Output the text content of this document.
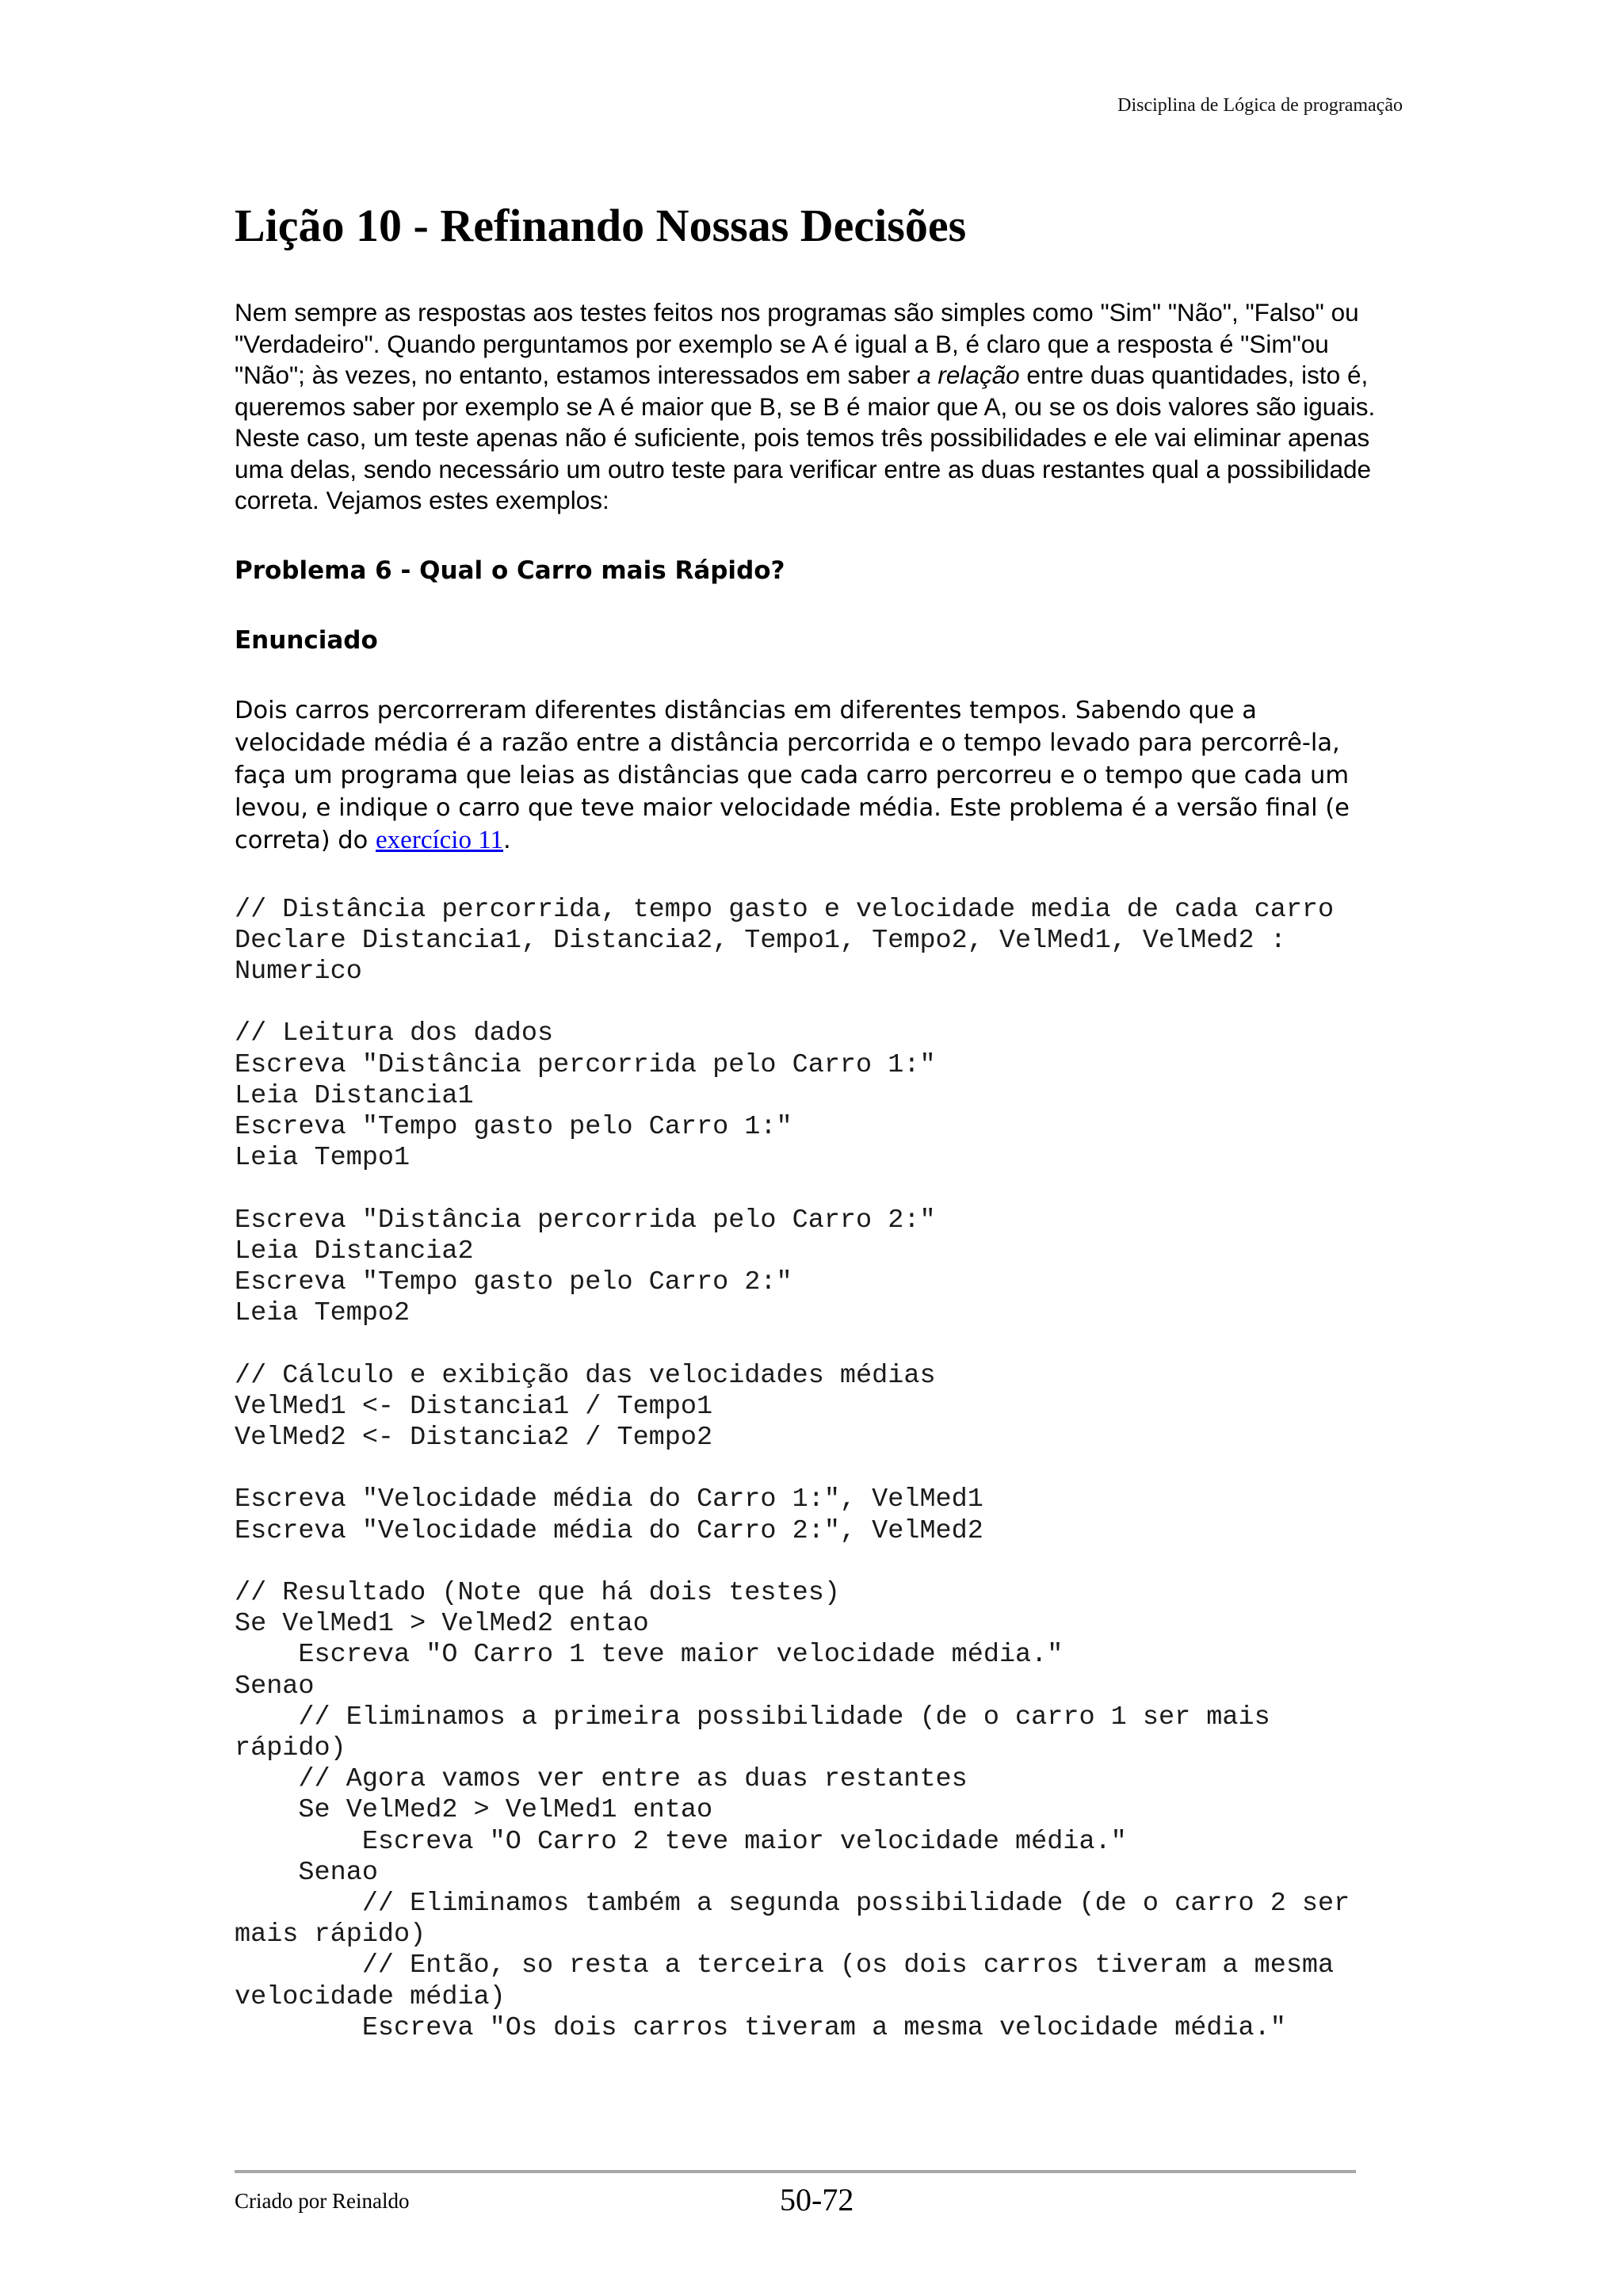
Disciplina de Lógica de programação
Lição 10 - Refinando Nossas Decisões

Nem sempre as respostas aos testes feitos nos programas são simples como "Sim" "Não", "Falso" ou "Verdadeiro". Quando perguntamos por exemplo se A é igual a B, é claro que a resposta é "Sim"ou "Não"; às vezes, no entanto, estamos interessados em saber a relação entre duas quantidades, isto é, queremos saber por exemplo se A é maior que B, se B é maior que A, ou se os dois valores são iguais. Neste caso, um teste apenas não é suficiente, pois temos três possibilidades e ele vai eliminar apenas uma delas, sendo necessário um outro teste para verificar entre as duas restantes qual a possibilidade correta. Vejamos estes exemplos:

Problema 6 - Qual o Carro mais Rápido?
Enunciado

Dois carros percorreram diferentes distâncias em diferentes tempos. Sabendo que a velocidade média é a razão entre a distância percorrida e o tempo levado para percorrê-la, faça um programa que leias as distâncias que cada carro percorreu e o tempo que cada um levou, e indique o carro que teve maior velocidade média. Este problema é a versão final (e correta) do exercício 11.

// Distância percorrida, tempo gasto e velocidade media de cada carro
Declare Distancia1, Distancia2, Tempo1, Tempo2, VelMed1, VelMed2 :
Numerico

// Leitura dos dados
Escreva "Distância percorrida pelo Carro 1:"
Leia Distancia1
Escreva "Tempo gasto pelo Carro 1:"
Leia Tempo1

Escreva "Distância percorrida pelo Carro 2:"
Leia Distancia2
Escreva "Tempo gasto pelo Carro 2:"
Leia Tempo2

// Cálculo e exibição das velocidades médias
VelMed1 <- Distancia1 / Tempo1
VelMed2 <- Distancia2 / Tempo2

Escreva "Velocidade média do Carro 1:", VelMed1
Escreva "Velocidade média do Carro 2:", VelMed2

// Resultado (Note que há dois testes)
Se VelMed1 > VelMed2 entao
Escreva "O Carro 1 teve maior velocidade média."
Senao
// Eliminamos a primeira possibilidade (de o carro 1 ser mais
rápido)
// Agora vamos ver entre as duas restantes
Se VelMed2 > VelMed1 entao
Escreva "O Carro 2 teve maior velocidade média."
Senao
// Eliminamos também a segunda possibilidade (de o carro 2 ser
mais rápido)
// Então, so resta a terceira (os dois carros tiveram a mesma
velocidade média)
Escreva "Os dois carros tiveram a mesma velocidade média."
Criado por Reinaldo	50-72
